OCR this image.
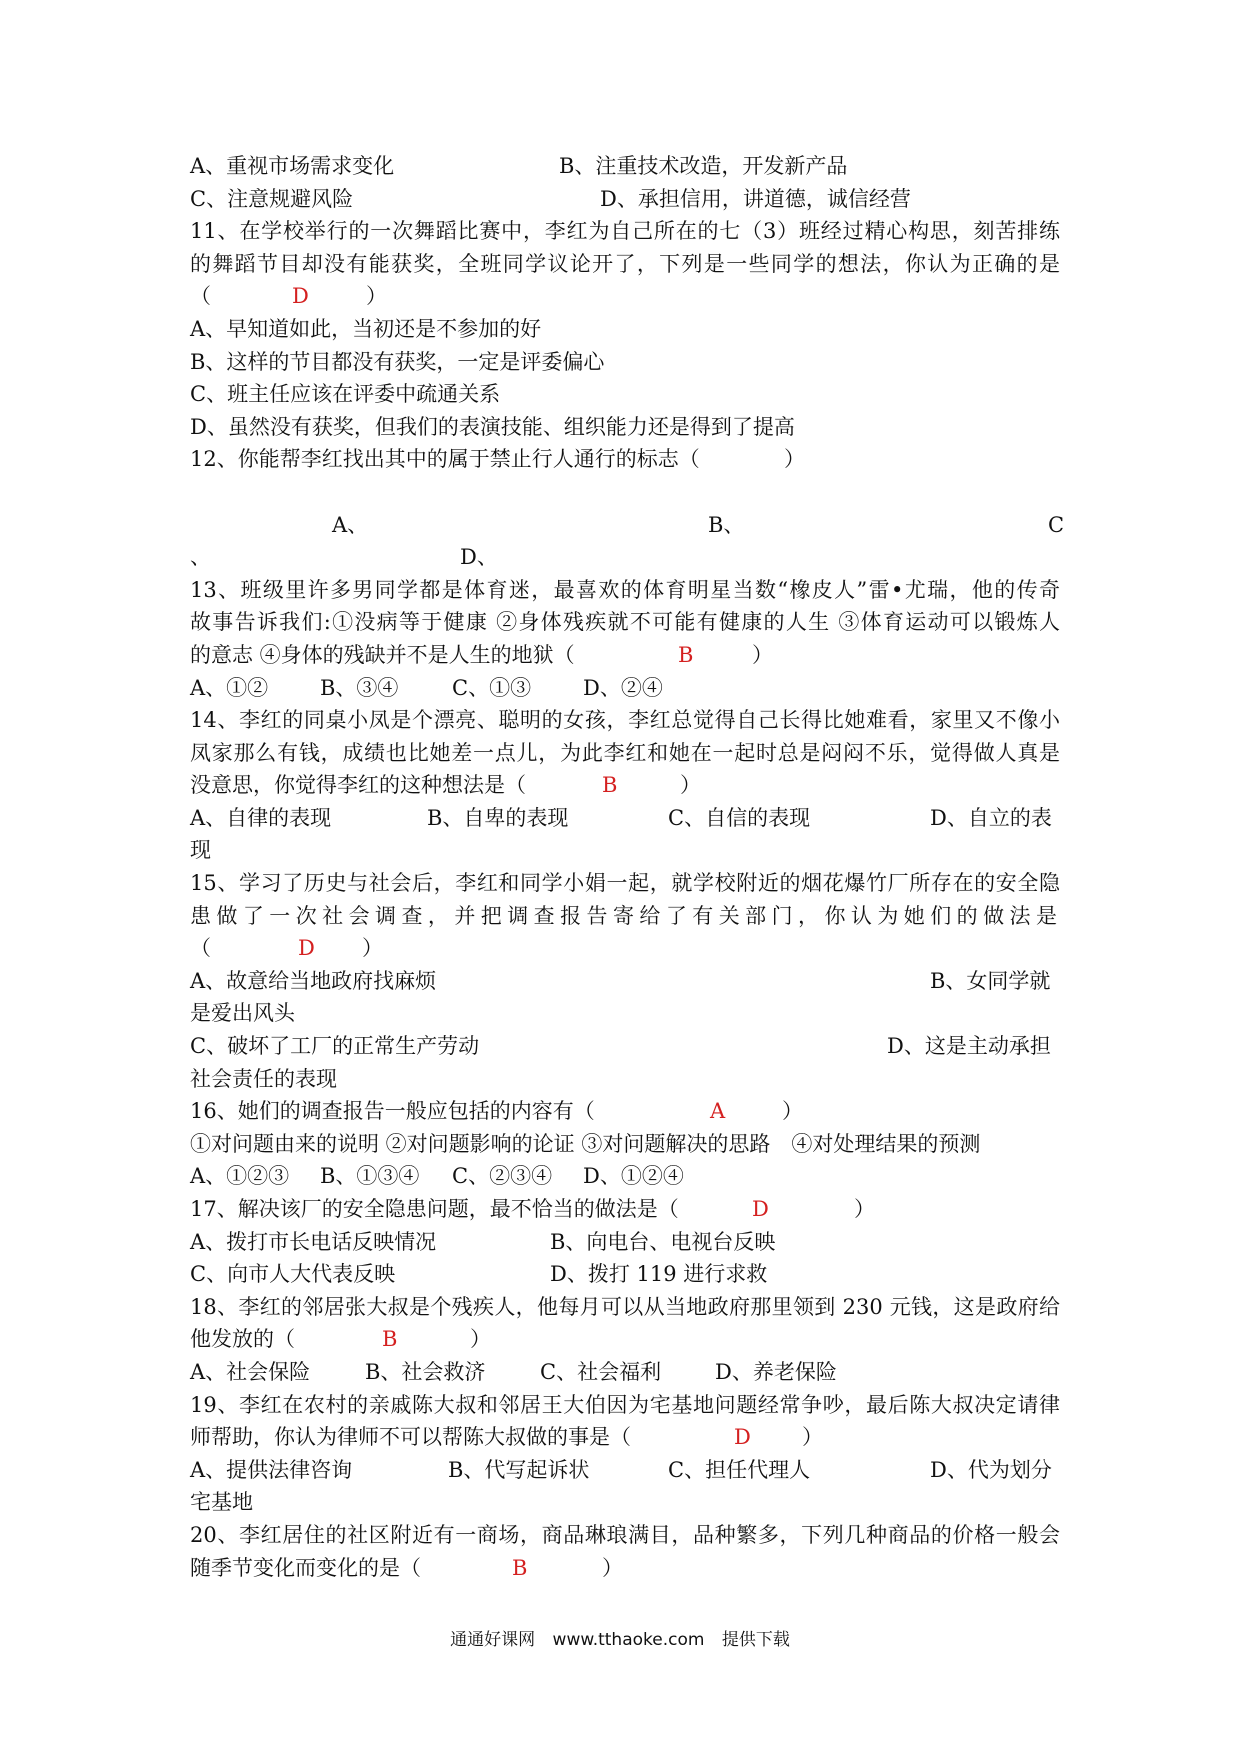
A、重视市场需求变化	B、注重技术改造，开发新产品
C、注意规避风险	D、承担信用，讲道德，诚信经营
11、在学校举行的一次舞蹈比赛中，李红为自己所在的七（3）班经过精心构思，刻苦排练
的舞蹈节目却没有能获奖，全班同学议论开了，下列是一些同学的想法，你认为正确的是
（	D	）
A、早知道如此，当初还是不参加的好
B、这样的节目都没有获奖，一定是评委偏心
C、班主任应该在评委中疏通关系
D、虽然没有获奖，但我们的表演技能、组织能力还是得到了提高
12、你能帮李红找出其中的属于禁止行人通行的标志（	）
A、	B、	C
、	D、
13、班级里许多男同学都是体育迷，最喜欢的体育明星当数“橡皮人”雷•尤瑞，他的传奇
故事告诉我们:①没病等于健康 ②身体残疾就不可能有健康的人生 ③体育运动可以锻炼人
的意志 ④身体的残缺并不是人生的地狱（	B	）
A、①② B、③④	C、①③ D、②④
14、李红的同桌小凤是个漂亮、聪明的女孩，李红总觉得自己长得比她难看，家里又不像小
凤家那么有钱，成绩也比她差一点儿，为此李红和她在一起时总是闷闷不乐，觉得做人真是
没意思，你觉得李红的这种想法是（	B	）
A、自律的表现	B、自卑的表现	C、自信的表现	D、自立的表
现
15、学习了历史与社会后，李红和同学小娟一起，就学校附近的烟花爆竹厂所存在的安全隐
患做了一次社会调查，并把调查报告寄给了有关部门，你认为她们的做法是
（	D ）
A、故意给当地政府找麻烦	B、女同学就
是爱出风头
C、破坏了工厂的正常生产劳动	D、这是主动承担
社会责任的表现
16、她们的调查报告一般应包括的内容有（	A	）
①对问题由来的说明 ②对问题影响的论证 ③对问题解决的思路　④对处理结果的预测
A、①②③ B、①③④ C、②③④ D、①②④
17、解决该厂的安全隐患问题，最不恰当的做法是（	D	）
A、拨打市长电话反映情况	B、向电台、电视台反映
C、向市人大代表反映	D、拨打 119 进行求救
18、李红的邻居张大叔是个残疾人，他每月可以从当地政府那里领到 230 元钱，这是政府给
他发放的（	B	）
A、社会保险	B、社会救济	C、社会福利	D、养老保险
19、李红在农村的亲戚陈大叔和邻居王大伯因为宅基地问题经常争吵，最后陈大叔决定请律
师帮助，你认为律师不可以帮陈大叔做的事是（	D ）
A、提供法律咨询	B、代写起诉状	C、担任代理人	D、代为划分
宅基地
20、李红居住的社区附近有一商场，商品琳琅满目，品种繁多，下列几种商品的价格一般会
随季节变化而变化的是（	B	）
通通好课网 www.tthaoke.com 提供下载
